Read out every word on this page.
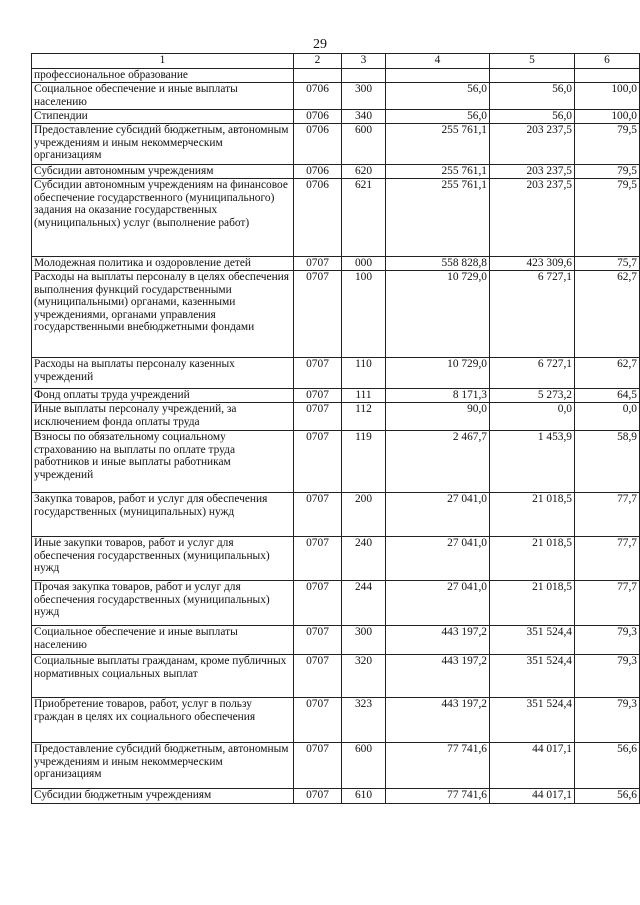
29
1	2	3	4	5	6
профессиональное образование					
Социальное обеспечение и иные выплаты населению	0706	300	56,0	56,0	100,0
Стипендии	0706	340	56,0	56,0	100,0
Предоставление субсидий бюджетным, автономным учреждениям и иным некоммерческим организациям	0706	600	255 761,1	203 237,5	79,5
Субсидии автономным учреждениям	0706	620	255 761,1	203 237,5	79,5
Субсидии автономным учреждениям на финансовое обеспечение государственного (муниципального) задания на оказание государственных (муниципальных) услуг (выполнение работ)	0706	621	255 761,1	203 237,5	79,5
Молодежная политика и оздоровление детей	0707	000	558 828,8	423 309,6	75,7
Расходы на выплаты персоналу в целях обеспечения выполнения функций государственными (муниципальными) органами, казенными учреждениями, органами управления государственными внебюджетными фондами	0707	100	10 729,0	6 727,1	62,7
Расходы на выплаты персоналу казенных учреждений	0707	110	10 729,0	6 727,1	62,7
Фонд оплаты труда учреждений	0707	111	8 171,3	5 273,2	64,5
Иные выплаты персоналу учреждений, за исключением фонда оплаты труда	0707	112	90,0	0,0	0,0
Взносы по обязательному социальному страхованию на выплаты по оплате труда работников и иные выплаты работникам учреждений	0707	119	2 467,7	1 453,9	58,9
Закупка товаров, работ и услуг для обеспечения государственных (муниципальных) нужд	0707	200	27 041,0	21 018,5	77,7
Иные закупки товаров, работ и услуг для обеспечения государственных (муниципальных) нужд	0707	240	27 041,0	21 018,5	77,7
Прочая закупка товаров, работ и услуг для обеспечения государственных (муниципальных) нужд	0707	244	27 041,0	21 018,5	77,7
Социальное обеспечение и иные выплаты населению	0707	300	443 197,2	351 524,4	79,3
Социальные выплаты гражданам, кроме публичных нормативных социальных выплат	0707	320	443 197,2	351 524,4	79,3
Приобретение товаров, работ, услуг в пользу граждан в целях их социального обеспечения	0707	323	443 197,2	351 524,4	79,3
Предоставление субсидий бюджетным, автономным учреждениям и иным некоммерческим организациям	0707	600	77 741,6	44 017,1	56,6
Субсидии бюджетным учреждениям	0707	610	77 741,6	44 017,1	56,6
